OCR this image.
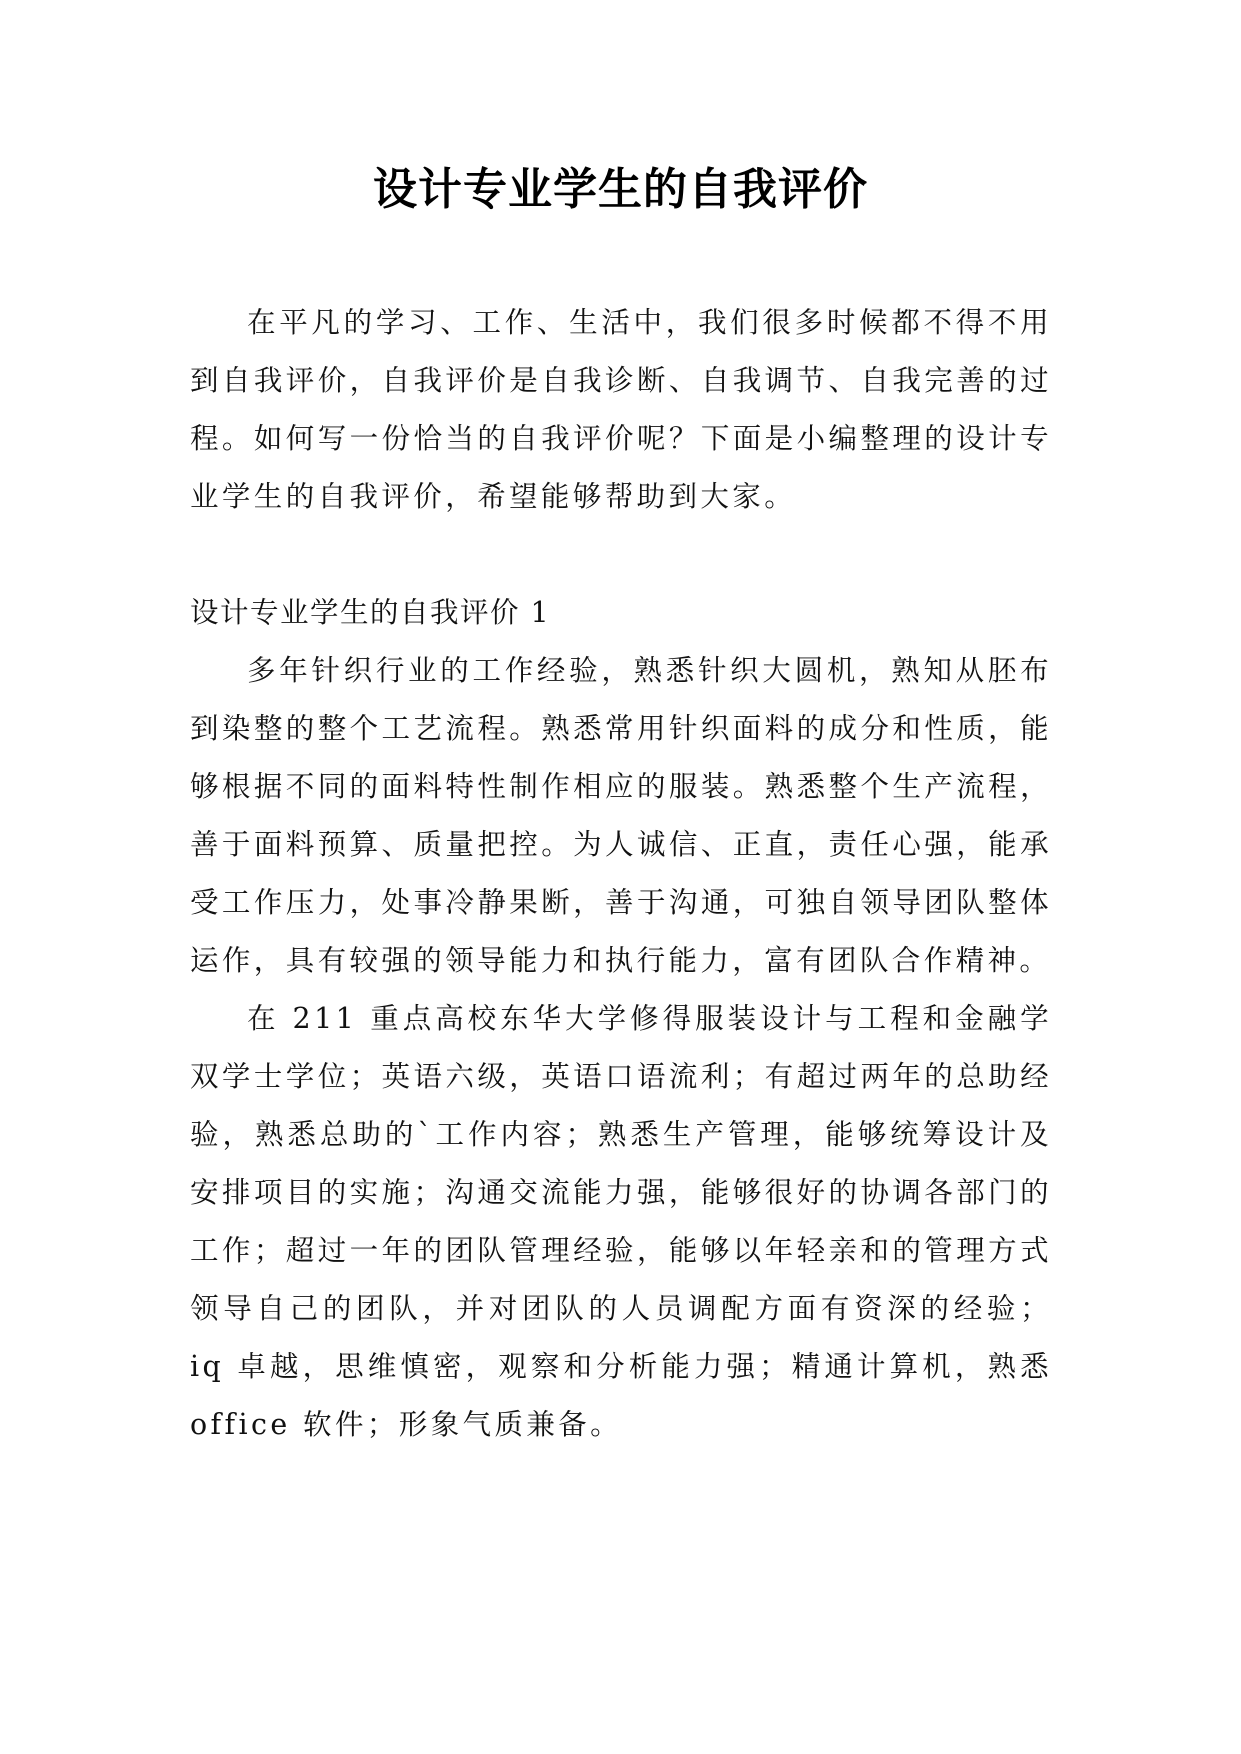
设计专业学生的自我评价

在平凡的学习、工作、生活中，我们很多时候都不得不用到自我评价，自我评价是自我诊断、自我调节、自我完善的过程。如何写一份恰当的自我评价呢？下面是小编整理的设计专业学生的自我评价，希望能够帮助到大家。

设计专业学生的自我评价 1

多年针织行业的工作经验，熟悉针织大圆机，熟知从胚布到染整的整个工艺流程。熟悉常用针织面料的成分和性质，能够根据不同的面料特性制作相应的服装。熟悉整个生产流程，善于面料预算、质量把控。为人诚信、正直，责任心强，能承受工作压力，处事冷静果断，善于沟通，可独自领导团队整体运作，具有较强的领导能力和执行能力，富有团队合作精神。

在 211 重点高校东华大学修得服装设计与工程和金融学双学士学位；英语六级，英语口语流利；有超过两年的总助经验，熟悉总助的`工作内容；熟悉生产管理，能够统筹设计及安排项目的实施；沟通交流能力强，能够很好的协调各部门的工作；超过一年的团队管理经验，能够以年轻亲和的管理方式领导自己的团队，并对团队的人员调配方面有资深的经验；iq 卓越，思维慎密，观察和分析能力强；精通计算机，熟悉 office 软件；形象气质兼备。
